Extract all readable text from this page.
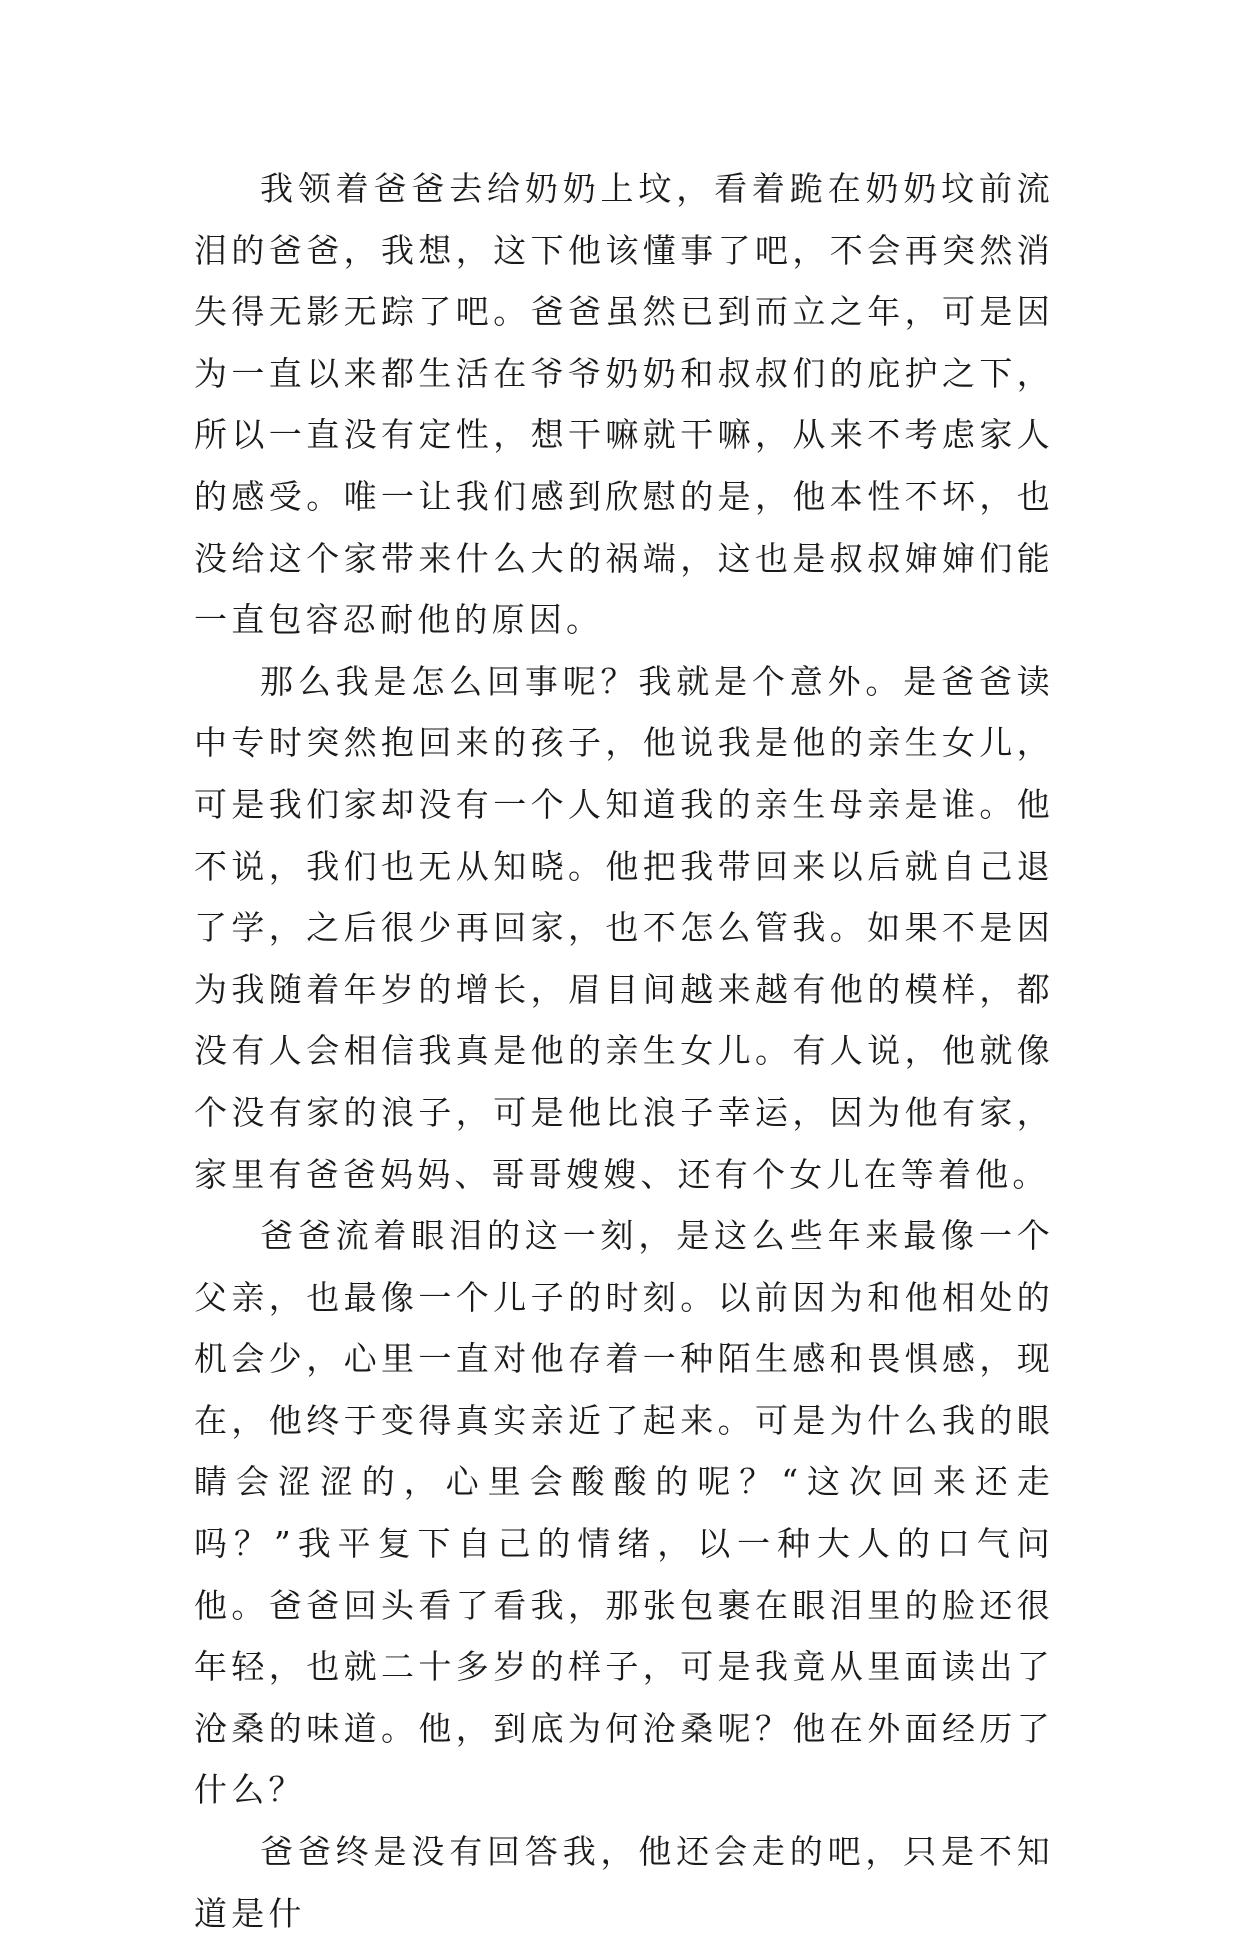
我领着爸爸去给奶奶上坟，看着跪在奶奶坟前流泪的爸爸，我想，这下他该懂事了吧，不会再突然消失得无影无踪了吧。爸爸虽然已到而立之年，可是因为一直以来都生活在爷爷奶奶和叔叔们的庇护之下，所以一直没有定性，想干嘛就干嘛，从来不考虑家人的感受。唯一让我们感到欣慰的是，他本性不坏，也没给这个家带来什么大的祸端，这也是叔叔婶婶们能一直包容忍耐他的原因。

那么我是怎么回事呢？我就是个意外。是爸爸读中专时突然抱回来的孩子，他说我是他的亲生女儿，可是我们家却没有一个人知道我的亲生母亲是谁。他不说，我们也无从知晓。他把我带回来以后就自己退了学，之后很少再回家，也不怎么管我。如果不是因为我随着年岁的增长，眉目间越来越有他的模样，都没有人会相信我真是他的亲生女儿。有人说，他就像个没有家的浪子，可是他比浪子幸运，因为他有家，家里有爸爸妈妈、哥哥嫂嫂、还有个女儿在等着他。

爸爸流着眼泪的这一刻，是这么些年来最像一个父亲，也最像一个儿子的时刻。以前因为和他相处的机会少，心里一直对他存着一种陌生感和畏惧感，现在，他终于变得真实亲近了起来。可是为什么我的眼睛会涩涩的，心里会酸酸的呢？“这次回来还走吗？”我平复下自己的情绪，以一种大人的口气问他。爸爸回头看了看我，那张包裹在眼泪里的脸还很年轻，也就二十多岁的样子，可是我竟从里面读出了沧桑的味道。他，到底为何沧桑呢？他在外面经历了什么？

爸爸终是没有回答我，他还会走的吧，只是不知道是什
